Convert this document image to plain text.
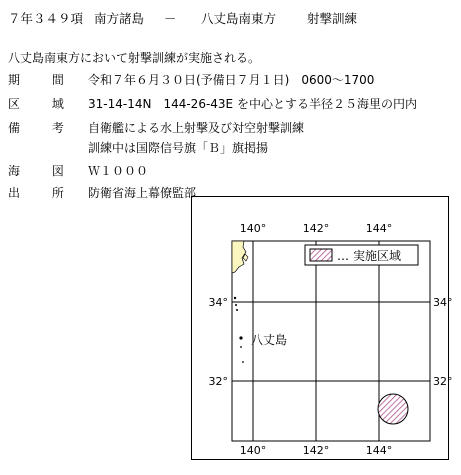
７年３４９項 南方諸島 － 八丈島南東方 射撃訓練
八丈島南東方において射撃訓練が実施される。
期 間 令和７年６月３０日(予備日７月１日)　0600～1700
区 域 31-14-14N　144-26-43E を中心とする半径２５海里の円内
備 考 自衛艦による水上射撃及び対空射撃訓練
訓練中は国際信号旗「Ｂ」旗掲揚
海 図 Ｗ１０００
出 所 防衛省海上幕僚監部
… 実施区域
八丈島
140°	142°	144°
140°	142°	144°
34°
32°
34°
32°
